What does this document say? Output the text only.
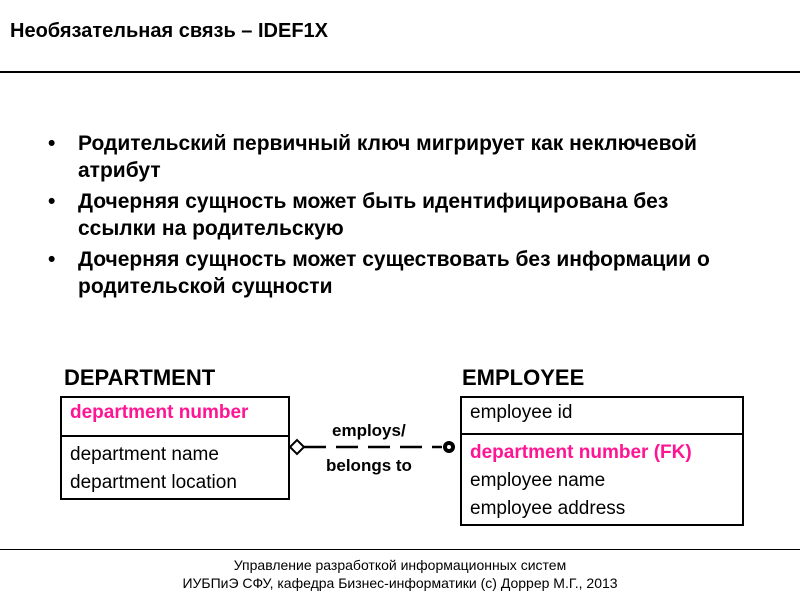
Необязательная связь – IDEF1X
• Родительский первичный ключ мигрирует как неключевой атрибут
• Дочерняя сущность может быть идентифицирована без ссылки на родительскую
• Дочерняя сущность может существовать без информации о родительской сущности
DEPARTMENT
department number
department name
department location
EMPLOYEE
employee id
department number (FK)
employee name
employee address
employs/
belongs to
Управление разработкой информационных систем
ИУБПиЭ СФУ, кафедра Бизнес-информатики (с) Доррер М.Г., 2013
